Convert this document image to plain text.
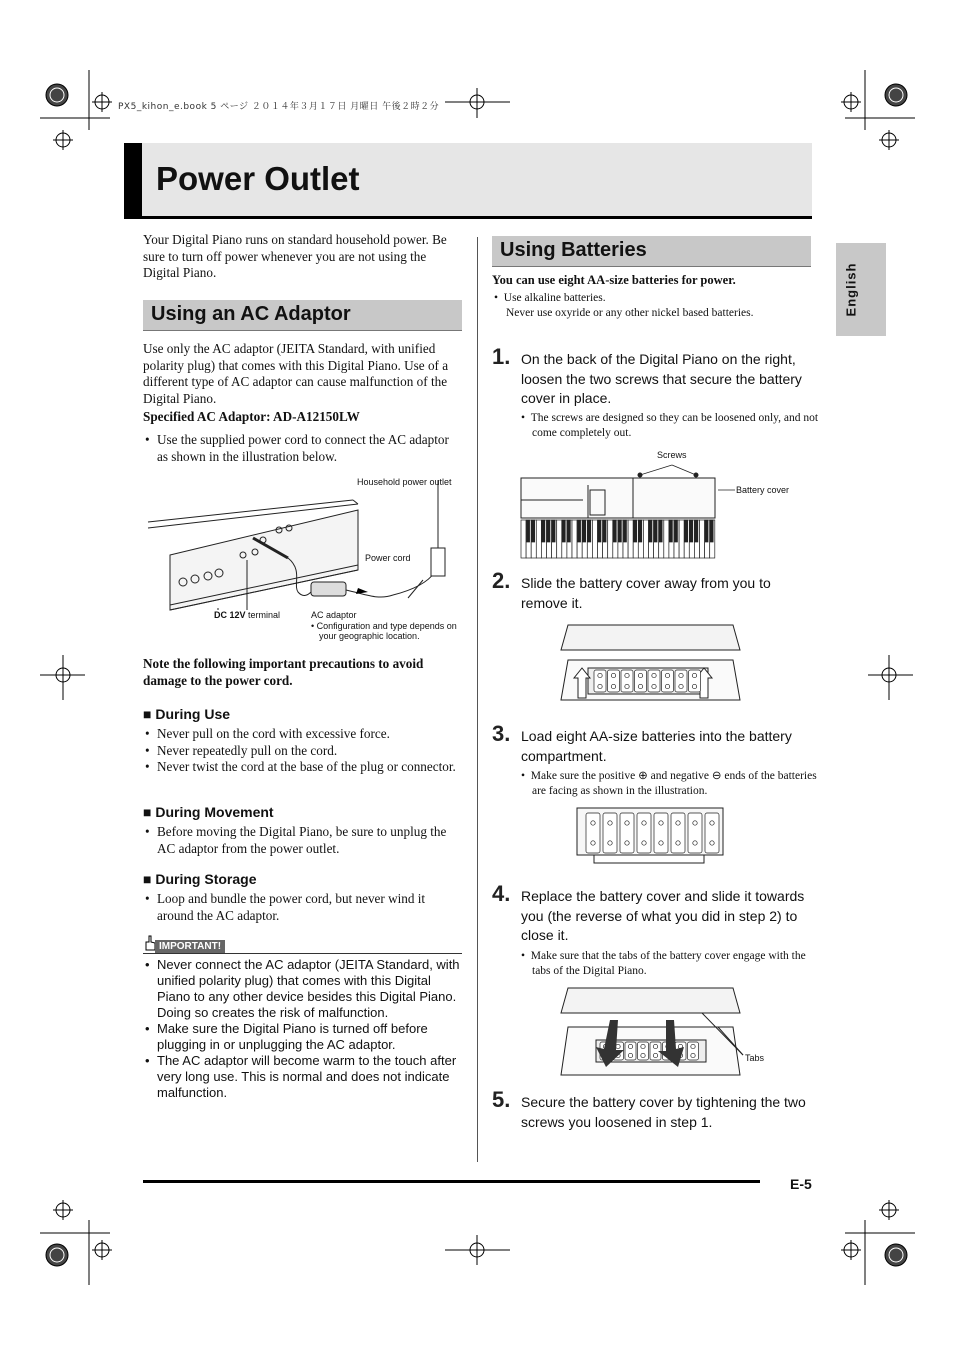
PX5_kihon_e.book 5 ページ ２０１４年３月１７日 月曜日 午後２時２分
Power Outlet
English
Your Digital Piano runs on standard household power. Be sure to turn off power whenever you are not using the Digital Piano.
Using an AC Adaptor
Use only the AC adaptor (JEITA Standard, with unified polarity plug) that comes with this Digital Piano. Use of a different type of AC adaptor can cause malfunction of the Digital Piano.
Specified AC Adaptor: AD-A12150LW
• Use the supplied power cord to connect the AC adaptor as shown in the illustration below.
Household power outlet
Power cord
DC 12V terminal	AC adaptor
• Configuration and type depends on your geographic location.
Note the following important precautions to avoid damage to the power cord.
■ During Use
• Never pull on the cord with excessive force.
• Never repeatedly pull on the cord.
• Never twist the cord at the base of the plug or connector.
■ During Movement
• Before moving the Digital Piano, be sure to unplug the AC adaptor from the power outlet.
■ During Storage
• Loop and bundle the power cord, but never wind it around the AC adaptor.
IMPORTANT!
• Never connect the AC adaptor (JEITA Standard, with unified polarity plug) that comes with this Digital Piano to any other device besides this Digital Piano. Doing so creates the risk of malfunction.
• Make sure the Digital Piano is turned off before plugging in or unplugging the AC adaptor.
• The AC adaptor will become warm to the touch after very long use. This is normal and does not indicate malfunction.
Using Batteries
You can use eight AA-size batteries for power.
•  Use alkaline batteries.
Never use oxyride or any other nickel based batteries.
1. On the back of the Digital Piano on the right, loosen the two screws that secure the battery cover in place.
•  The screws are designed so they can be loosened only, and not come completely out.
Screws
Battery cover
2. Slide the battery cover away from you to remove it.
3. Load eight AA-size batteries into the battery compartment.
•  Make sure the positive ⊕ and negative ⊖ ends of the batteries are facing as shown in the illustration.
4. Replace the battery cover and slide it towards you (the reverse of what you did in step 2) to close it.
•  Make sure that the tabs of the battery cover engage with the tabs of the Digital Piano.
Tabs
5. Secure the battery cover by tightening the two screws you loosened in step 1.
E-5
